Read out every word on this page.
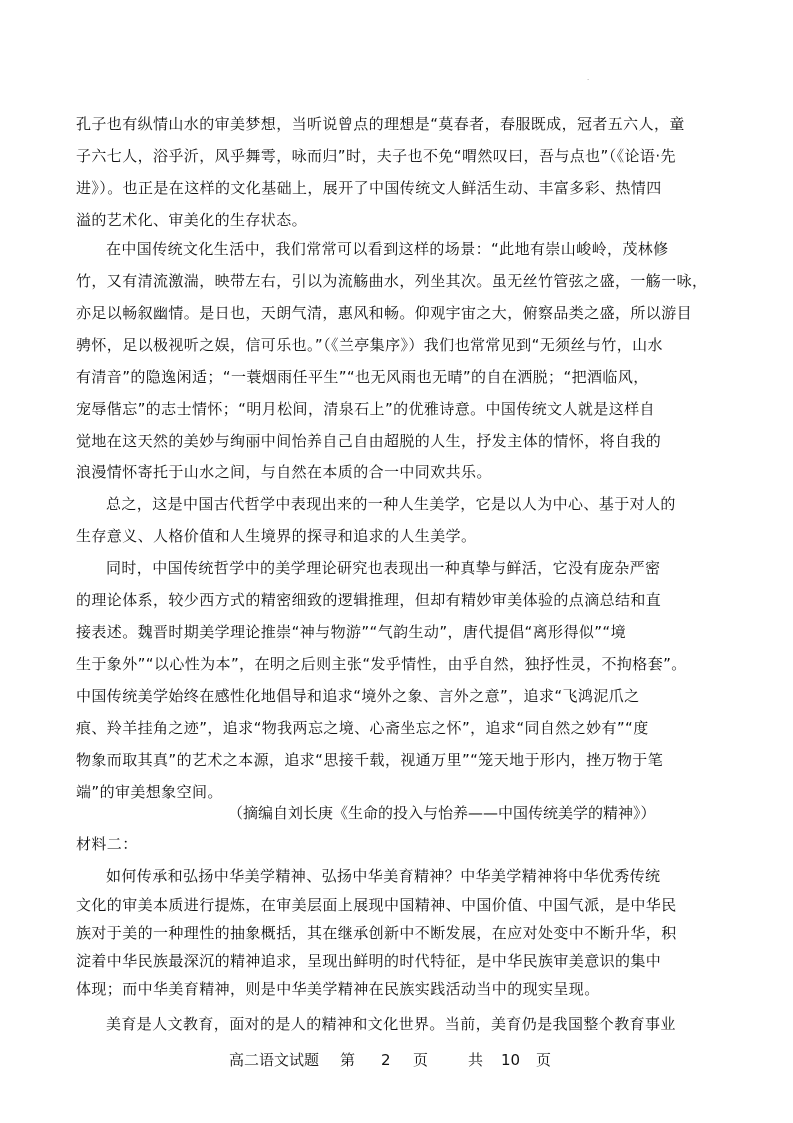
·
孔子也有纵情山水的审美梦想，当听说曾点的理想是“莫春者，春服既成，冠者五六人，童
子六七人，浴乎沂，风乎舞雩，咏而归”时，夫子也不免“喟然叹曰，吾与点也”（《论语·先
进》）。也正是在这样的文化基础上，展开了中国传统文人鲜活生动、丰富多彩、热情四
溢的艺术化、审美化的生存状态。
在中国传统文化生活中，我们常常可以看到这样的场景：“此地有崇山峻岭，茂林修
竹，又有清流激湍，映带左右，引以为流觞曲水，列坐其次。虽无丝竹管弦之盛，一觞一咏，
亦足以畅叙幽情。是日也，天朗气清，惠风和畅。仰观宇宙之大，俯察品类之盛，所以游目
骋怀，足以极视听之娱，信可乐也。”（《兰亭集序》）我们也常常见到“无须丝与竹，山水
有清音”的隐逸闲适；“一蓑烟雨任平生”“也无风雨也无晴”的自在洒脱；“把酒临风，
宠辱偕忘”的志士情怀；“明月松间，清泉石上”的优雅诗意。中国传统文人就是这样自
觉地在这天然的美妙与绚丽中间怡养自己自由超脱的人生，抒发主体的情怀，将自我的
浪漫情怀寄托于山水之间，与自然在本质的合一中同欢共乐。
总之，这是中国古代哲学中表现出来的一种人生美学，它是以人为中心、基于对人的
生存意义、人格价值和人生境界的探寻和追求的人生美学。
同时，中国传统哲学中的美学理论研究也表现出一种真挚与鲜活，它没有庞杂严密
的理论体系，较少西方式的精密细致的逻辑推理，但却有精妙审美体验的点滴总结和直
接表述。魏晋时期美学理论推崇“神与物游”“气韵生动”，唐代提倡“离形得似”“境
生于象外”“以心性为本”，在明之后则主张“发乎情性，由乎自然，独抒性灵，不拘格套”。
中国传统美学始终在感性化地倡导和追求“境外之象、言外之意”，追求“飞鸿泥爪之
痕、羚羊挂角之迹”，追求“物我两忘之境、心斋坐忘之怀”，追求“同自然之妙有”“度
物象而取其真”的艺术之本源，追求“思接千载，视通万里”“笼天地于形内，挫万物于笔
端”的审美想象空间。
（摘编自刘长庚《生命的投入与怡养——中国传统美学的精神》）
材料二：
如何传承和弘扬中华美学精神、弘扬中华美育精神？中华美学精神将中华优秀传统
文化的审美本质进行提炼，在审美层面上展现中国精神、中国价值、中国气派，是中华民
族对于美的一种理性的抽象概括，其在继承创新中不断发展，在应对处变中不断升华，积
淀着中华民族最深沉的精神追求，呈现出鲜明的时代特征，是中华民族审美意识的集中
体现；而中华美育精神，则是中华美学精神在民族实践活动当中的现实呈现。
高二语文试题 第 2 页	共 10 页
美育是人文教育，面对的是人的精神和文化世界。当前，美育仍是我国整个教育事业
